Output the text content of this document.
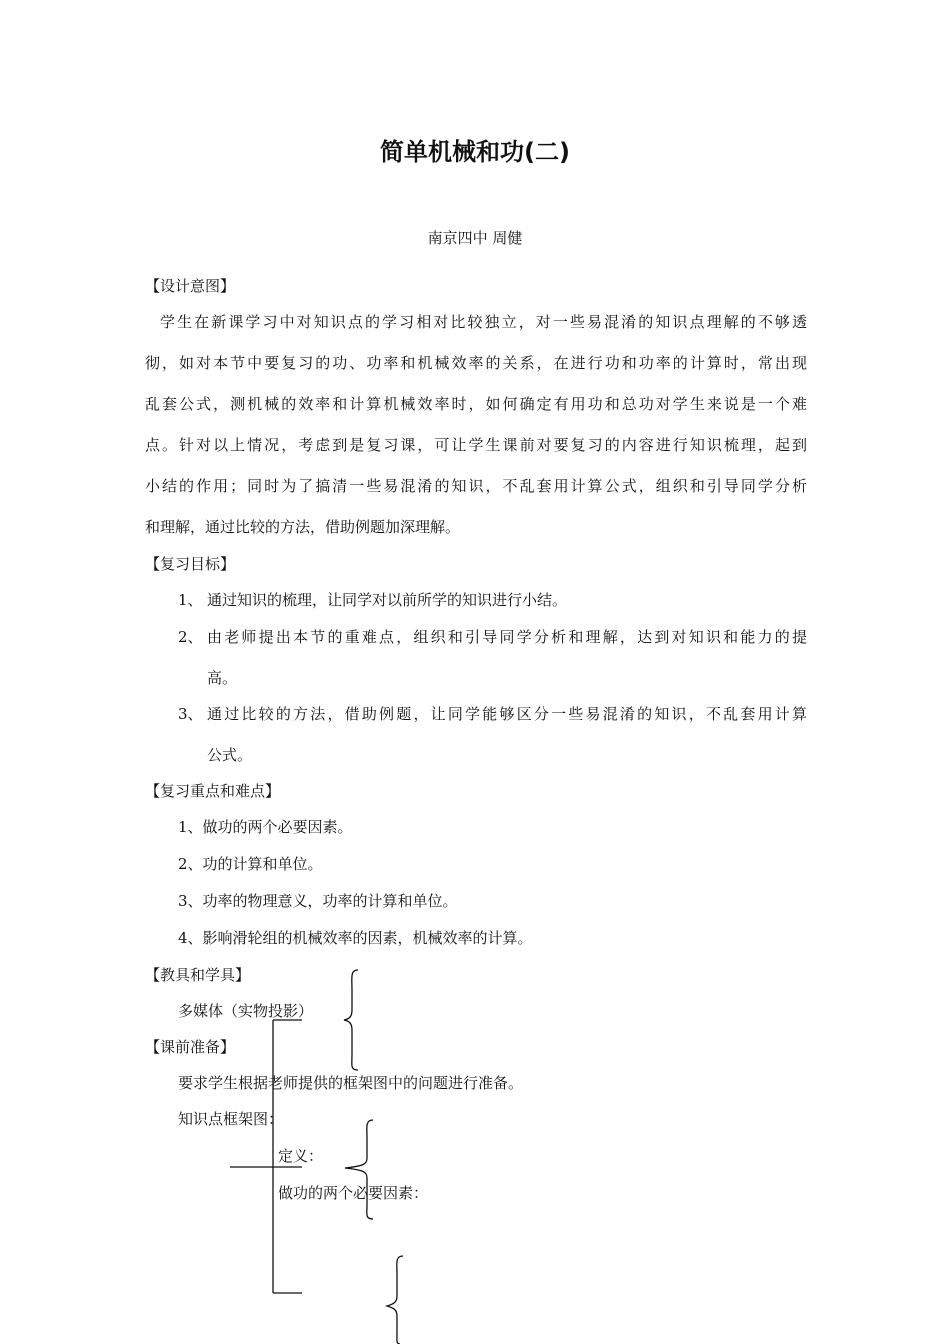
简单机械和功(二)
南京四中 周健
【设计意图】
学生在新课学习中对知识点的学习相对比较独立，对一些易混淆的知识点理解的不够透
彻，如对本节中要复习的功、功率和机械效率的关系，在进行功和功率的计算时，常出现
乱套公式，测机械的效率和计算机械效率时，如何确定有用功和总功对学生来说是一个难
点。针对以上情况，考虑到是复习课，可让学生课前对要复习的内容进行知识梳理，起到
小结的作用；同时为了搞清一些易混淆的知识，不乱套用计算公式，组织和引导同学分析
和理解，通过比较的方法，借助例题加深理解。
【复习目标】
1、 通过知识的梳理，让同学对以前所学的知识进行小结。
2、 由老师提出本节的重难点，组织和引导同学分析和理解，达到对知识和能力的提
高。
3、 通过比较的方法，借助例题，让同学能够区分一些易混淆的知识，不乱套用计算
公式。
【复习重点和难点】
1、做功的两个必要因素。
2、功的计算和单位。
3、功率的物理意义，功率的计算和单位。
4、影响滑轮组的机械效率的因素，机械效率的计算。
【教具和学具】
多媒体（实物投影）
【课前准备】
要求学生根据老师提供的框架图中的问题进行准备。
知识点框架图：
定义：
做功的两个必要因素：
